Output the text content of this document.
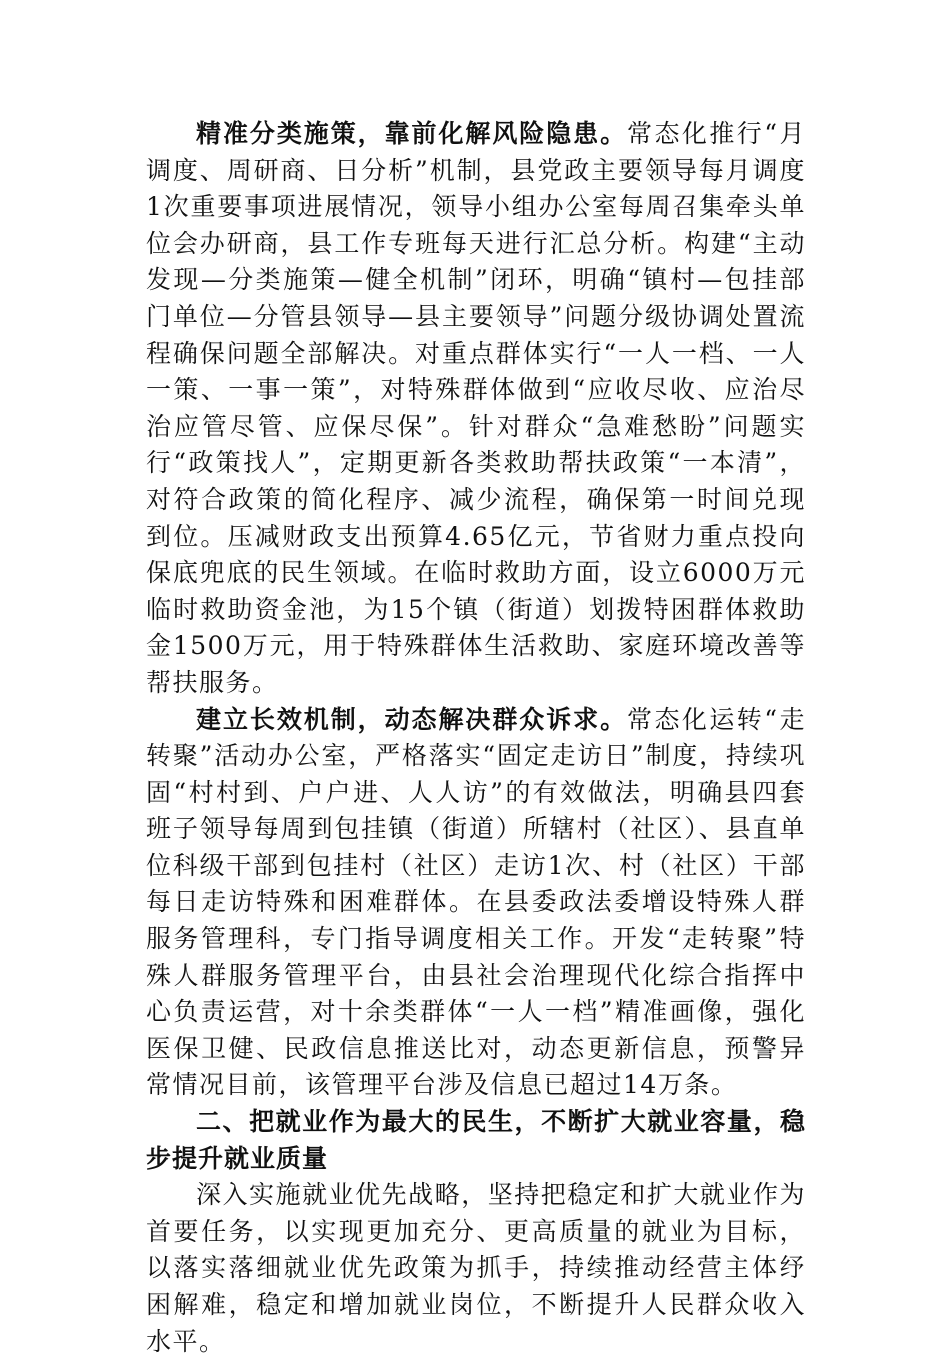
精准分类施策，靠前化解风险隐患。常态化推行“月调度、周研商、日分析”机制，县党政主要领导每月调度1次重要事项进展情况，领导小组办公室每周召集牵头单位会办研商，县工作专班每天进行汇总分析。构建“主动发现—分类施策—健全机制”闭环，明确“镇村—包挂部门单位—分管县领导—县主要领导”问题分级协调处置流程确保问题全部解决。对重点群体实行“一人一档、一人一策、一事一策”，对特殊群体做到“应收尽收、应治尽治应管尽管、应保尽保”。针对群众“急难愁盼”问题实行“政策找人”，定期更新各类救助帮扶政策“一本清”，对符合政策的简化程序、减少流程，确保第一时间兑现到位。压减财政支出预算4.65亿元，节省财力重点投向保底兜底的民生领域。在临时救助方面，设立6000万元临时救助资金池，为15个镇（街道）划拨特困群体救助金1500万元，用于特殊群体生活救助、家庭环境改善等帮扶服务。

建立长效机制，动态解决群众诉求。常态化运转“走转聚”活动办公室，严格落实“固定走访日”制度，持续巩固“村村到、户户进、人人访”的有效做法，明确县四套班子领导每周到包挂镇（街道）所辖村（社区）、县直单位科级干部到包挂村（社区）走访1次、村（社区）干部每日走访特殊和困难群体。在县委政法委增设特殊人群服务管理科，专门指导调度相关工作。开发“走转聚”特殊人群服务管理平台，由县社会治理现代化综合指挥中心负责运营，对十余类群体“一人一档”精准画像，强化医保卫健、民政信息推送比对，动态更新信息，预警异常情况目前，该管理平台涉及信息已超过14万条。

二、把就业作为最大的民生，不断扩大就业容量，稳步提升就业质量

深入实施就业优先战略，坚持把稳定和扩大就业作为首要任务，以实现更加充分、更高质量的就业为目标，以落实落细就业优先政策为抓手，持续推动经营主体纾困解难，稳定和增加就业岗位，不断提升人民群众收入水平。
